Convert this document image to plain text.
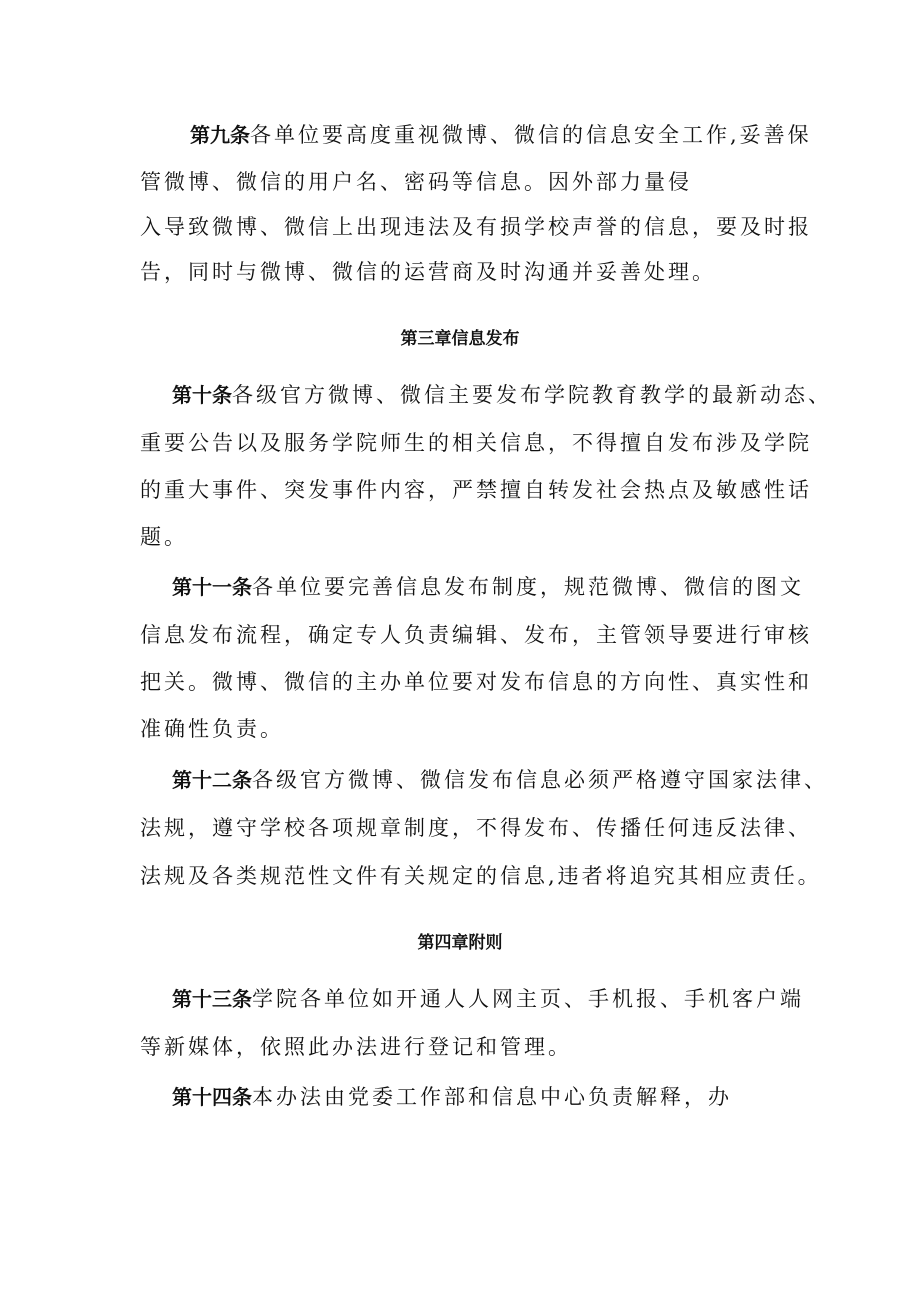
第九条各单位要高度重视微博、微信的信息安全工作,妥善保
管微博、微信的用户名、密码等信息。因外部力量侵
入导致微博、微信上出现违法及有损学校声誉的信息，要及时报
告，同时与微博、微信的运营商及时沟通并妥善处理。
第三章信息发布
第十条各级官方微博、微信主要发布学院教育教学的最新动态、
重要公告以及服务学院师生的相关信息，不得擅自发布涉及学院
的重大事件、突发事件内容，严禁擅自转发社会热点及敏感性话
题。
第十一条各单位要完善信息发布制度，规范微博、微信的图文
信息发布流程，确定专人负责编辑、发布，主管领导要进行审核
把关。微博、微信的主办单位要对发布信息的方向性、真实性和
准确性负责。
第十二条各级官方微博、微信发布信息必须严格遵守国家法律、
法规，遵守学校各项规章制度，不得发布、传播任何违反法律、
法规及各类规范性文件有关规定的信息,违者将追究其相应责任。
第四章附则
第十三条学院各单位如开通人人网主页、手机报、手机客户端
等新媒体，依照此办法进行登记和管理。
第十四条本办法由党委工作部和信息中心负责解释，办
